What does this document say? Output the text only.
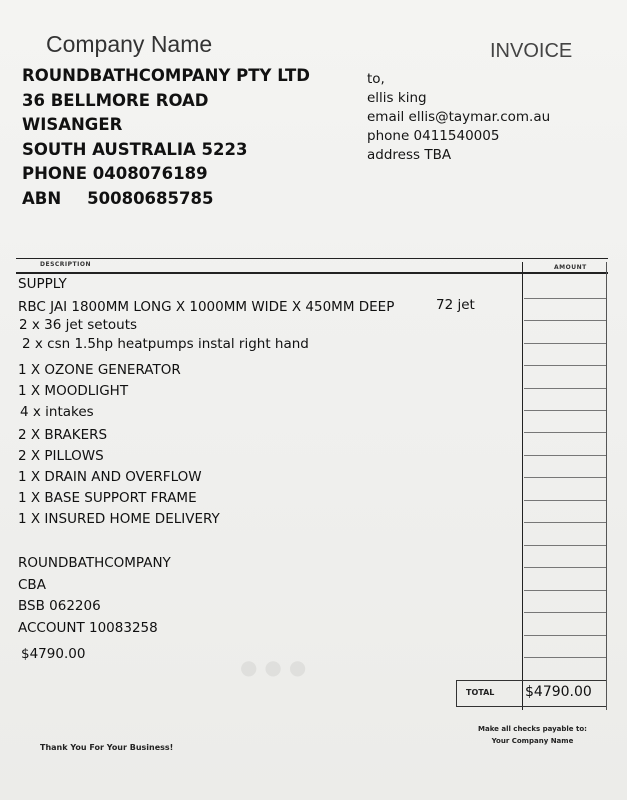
Company Name	INVOICE
ROUNDBATHCOMPANY PTY LTD
36 BELLMORE ROAD
WISANGER
SOUTH AUSTRALIA 5223
PHONE 0408076189
ABN 50080685785
to,
ellis king
email ellis@taymar.com.au
phone 0411540005
address TBA
DESCRIPTION	AMOUNT
SUPPLY
RBC JAI 1800MM LONG X 1000MM WIDE X 450MM DEEP	72 jet
2 x 36 jet setouts
2 x csn 1.5hp heatpumps instal right hand
1 X OZONE GENERATOR
1 X MOODLIGHT
4 x intakes
2 X BRAKERS
2 X PILLOWS
1 X DRAIN AND OVERFLOW
1 X BASE SUPPORT FRAME
1 X INSURED HOME DELIVERY
ROUNDBATHCOMPANY
CBA
BSB 062206
ACCOUNT 10083258
$4790.00
● ● ●
TOTAL $4790.00
Thank You For Your Business!
Make all checks payable to:
Your Company Name
